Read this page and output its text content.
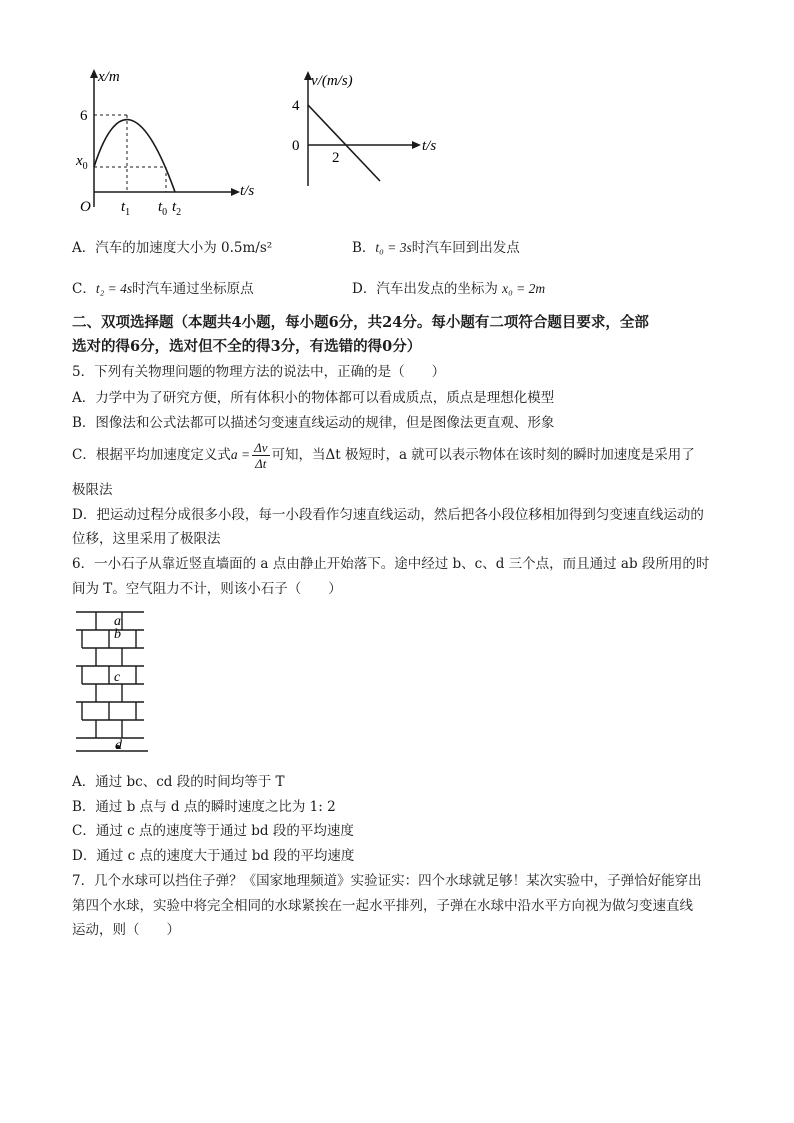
x/m
t/s
O
6
$x_0$
$t_1$ $t_0$ $t_2$
v/(m/s)
t/s
4
0
2
A．汽车的加速度大小为 0.5m/s²	B．t₀ = 3s时汽车回到出发点
C．t₂ = 4s时汽车通过坐标原点	D．汽车出发点的坐标为 x₀ = 2m
二、双项选择题（本题共4小题，每小题6分，共24分。每小题有二项符合题目要求，全部
选对的得6分，选对但不全的得3分，有选错的得0分）
5．下列有关物理问题的物理方法的说法中，正确的是（　　）
A．力学中为了研究方便，所有体积小的物体都可以看成质点，质点是理想化模型
B．图像法和公式法都可以描述匀变速直线运动的规律，但是图像法更直观、形象
C．根据平均加速度定义式$a = \frac{\Delta v}{\Delta t}$ 可知，当Δt 极短时，a 就可以表示物体在该时刻的瞬时加速度是采用了
极限法
D．把运动过程分成很多小段，每一小段看作匀速直线运动，然后把各小段位移相加得到匀变速直线运动的
位移，这里采用了极限法
6．一小石子从靠近竖直墙面的 a 点由静止开始落下。途中经过 b、c、d 三个点，而且通过 ab 段所用的时
间为 T。空气阻力不计，则该小石子（　　）
a
b
c
d
A．通过 bc、cd 段的时间均等于 T
B．通过 b 点与 d 点的瞬时速度之比为 1: 2
C．通过 c 点的速度等于通过 bd 段的平均速度
D．通过 c 点的速度大于通过 bd 段的平均速度
7．几个水球可以挡住子弹？《国家地理频道》实验证实：四个水球就足够！某次实验中，子弹恰好能穿出
第四个水球，实验中将完全相同的水球紧挨在一起水平排列，子弹在水球中沿水平方向视为做匀变速直线
运动，则（　　）
